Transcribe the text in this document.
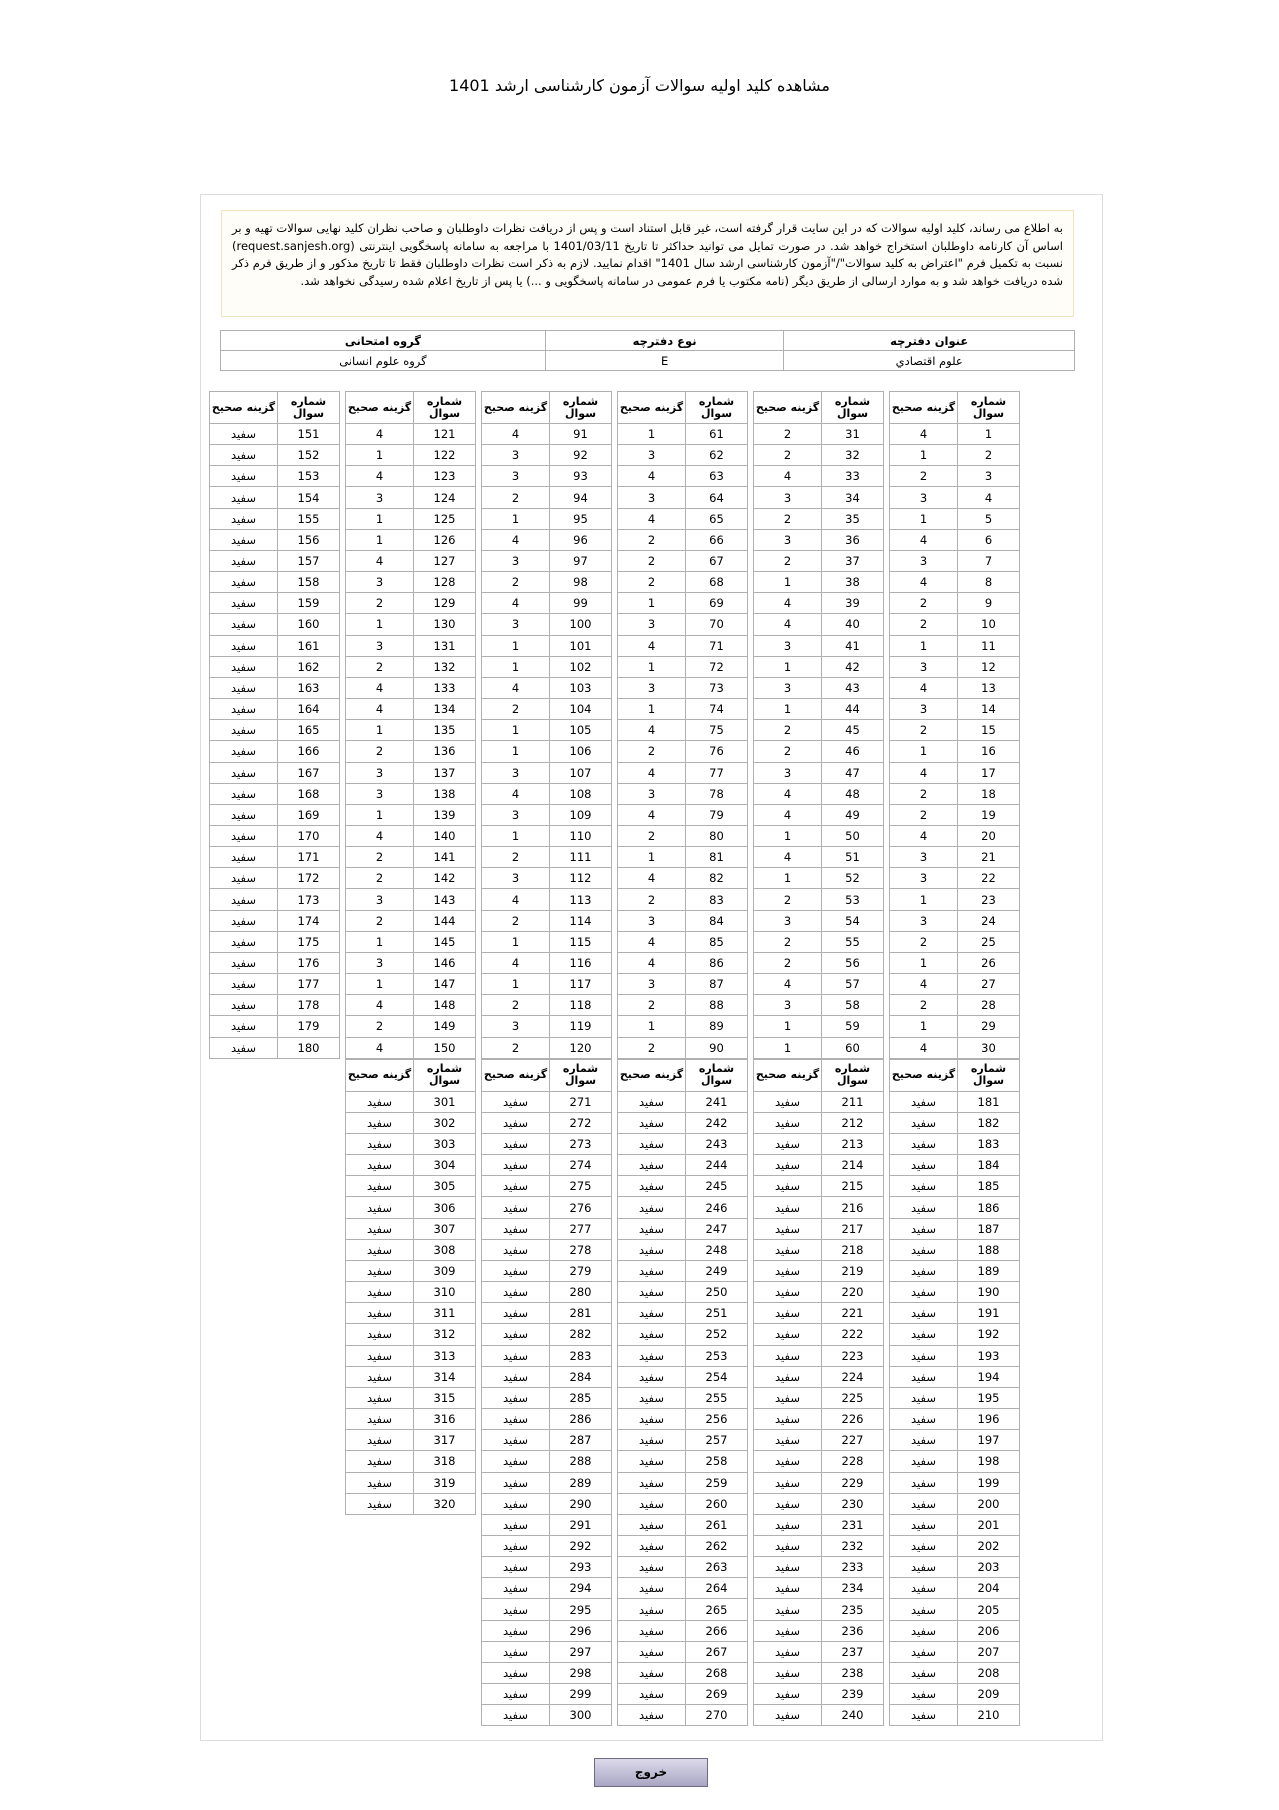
مشاهده کلید اولیه سوالات آزمون کارشناسی ارشد 1401
به اطلاع می رساند، کلید اولیه سوالات که در این سایت قرار گرفته است، غیر قابل استناد است و پس از دریافت نظرات داوطلبان و صاحب نظران کلید نهایی سوالات تهیه و بر اساس آن کارنامه داوطلبان استخراج خواهد شد. در صورت تمایل می توانید حداکثر تا تاریخ 1401/03/11 با مراجعه به سامانه پاسخگویی اینترنتی (request.sanjesh.org) نسبت به تکمیل فرم "اعتراض به کلید سوالات"/"آزمون کارشناسی ارشد سال 1401" اقدام نمایید. لازم به ذکر است نظرات داوطلبان فقط تا تاریخ مذکور و از طریق فرم ذکر شده دریافت خواهد شد و به موارد ارسالی از طریق دیگر (نامه مکتوب یا فرم عمومی در سامانه پاسخگویی و ...) یا پس از تاریخ اعلام شده رسیدگی نخواهد شد.
عنوان دفترچه	نوع دفترچه	گروه امتحانی
علوم اقتصادي	E	گروه علوم انسانی
شماره سوال	گزینه صحیح
1	4
2	1
3	2
4	3
5	1
6	4
7	3
8	4
9	2
10	2
11	1
12	3
13	4
14	3
15	2
16	1
17	4
18	2
19	2
20	4
21	3
22	3
23	1
24	3
25	2
26	1
27	4
28	2
29	1
30	4
شماره سوال	گزینه صحیح
31	2
32	2
33	4
34	3
35	2
36	3
37	2
38	1
39	4
40	4
41	3
42	1
43	3
44	1
45	2
46	2
47	3
48	4
49	4
50	1
51	4
52	1
53	2
54	3
55	2
56	2
57	4
58	3
59	1
60	1
شماره سوال	گزینه صحیح
61	1
62	3
63	4
64	3
65	4
66	2
67	2
68	2
69	1
70	3
71	4
72	1
73	3
74	1
75	4
76	2
77	4
78	3
79	4
80	2
81	1
82	4
83	2
84	3
85	4
86	4
87	3
88	2
89	1
90	2
شماره سوال	گزینه صحیح
91	4
92	3
93	3
94	2
95	1
96	4
97	3
98	2
99	4
100	3
101	1
102	1
103	4
104	2
105	1
106	1
107	3
108	4
109	3
110	1
111	2
112	3
113	4
114	2
115	1
116	4
117	1
118	2
119	3
120	2
شماره سوال	گزینه صحیح
121	4
122	1
123	4
124	3
125	1
126	1
127	4
128	3
129	2
130	1
131	3
132	2
133	4
134	4
135	1
136	2
137	3
138	3
139	1
140	4
141	2
142	2
143	3
144	2
145	1
146	3
147	1
148	4
149	2
150	4
شماره سوال	گزینه صحیح
151	سفید
152	سفید
153	سفید
154	سفید
155	سفید
156	سفید
157	سفید
158	سفید
159	سفید
160	سفید
161	سفید
162	سفید
163	سفید
164	سفید
165	سفید
166	سفید
167	سفید
168	سفید
169	سفید
170	سفید
171	سفید
172	سفید
173	سفید
174	سفید
175	سفید
176	سفید
177	سفید
178	سفید
179	سفید
180	سفید
شماره سوال	گزینه صحیح
181	سفید
182	سفید
183	سفید
184	سفید
185	سفید
186	سفید
187	سفید
188	سفید
189	سفید
190	سفید
191	سفید
192	سفید
193	سفید
194	سفید
195	سفید
196	سفید
197	سفید
198	سفید
199	سفید
200	سفید
201	سفید
202	سفید
203	سفید
204	سفید
205	سفید
206	سفید
207	سفید
208	سفید
209	سفید
210	سفید
شماره سوال	گزینه صحیح
211	سفید
212	سفید
213	سفید
214	سفید
215	سفید
216	سفید
217	سفید
218	سفید
219	سفید
220	سفید
221	سفید
222	سفید
223	سفید
224	سفید
225	سفید
226	سفید
227	سفید
228	سفید
229	سفید
230	سفید
231	سفید
232	سفید
233	سفید
234	سفید
235	سفید
236	سفید
237	سفید
238	سفید
239	سفید
240	سفید
شماره سوال	گزینه صحیح
241	سفید
242	سفید
243	سفید
244	سفید
245	سفید
246	سفید
247	سفید
248	سفید
249	سفید
250	سفید
251	سفید
252	سفید
253	سفید
254	سفید
255	سفید
256	سفید
257	سفید
258	سفید
259	سفید
260	سفید
261	سفید
262	سفید
263	سفید
264	سفید
265	سفید
266	سفید
267	سفید
268	سفید
269	سفید
270	سفید
شماره سوال	گزینه صحیح
271	سفید
272	سفید
273	سفید
274	سفید
275	سفید
276	سفید
277	سفید
278	سفید
279	سفید
280	سفید
281	سفید
282	سفید
283	سفید
284	سفید
285	سفید
286	سفید
287	سفید
288	سفید
289	سفید
290	سفید
291	سفید
292	سفید
293	سفید
294	سفید
295	سفید
296	سفید
297	سفید
298	سفید
299	سفید
300	سفید
شماره سوال	گزینه صحیح
301	سفید
302	سفید
303	سفید
304	سفید
305	سفید
306	سفید
307	سفید
308	سفید
309	سفید
310	سفید
311	سفید
312	سفید
313	سفید
314	سفید
315	سفید
316	سفید
317	سفید
318	سفید
319	سفید
320	سفید
خروج
